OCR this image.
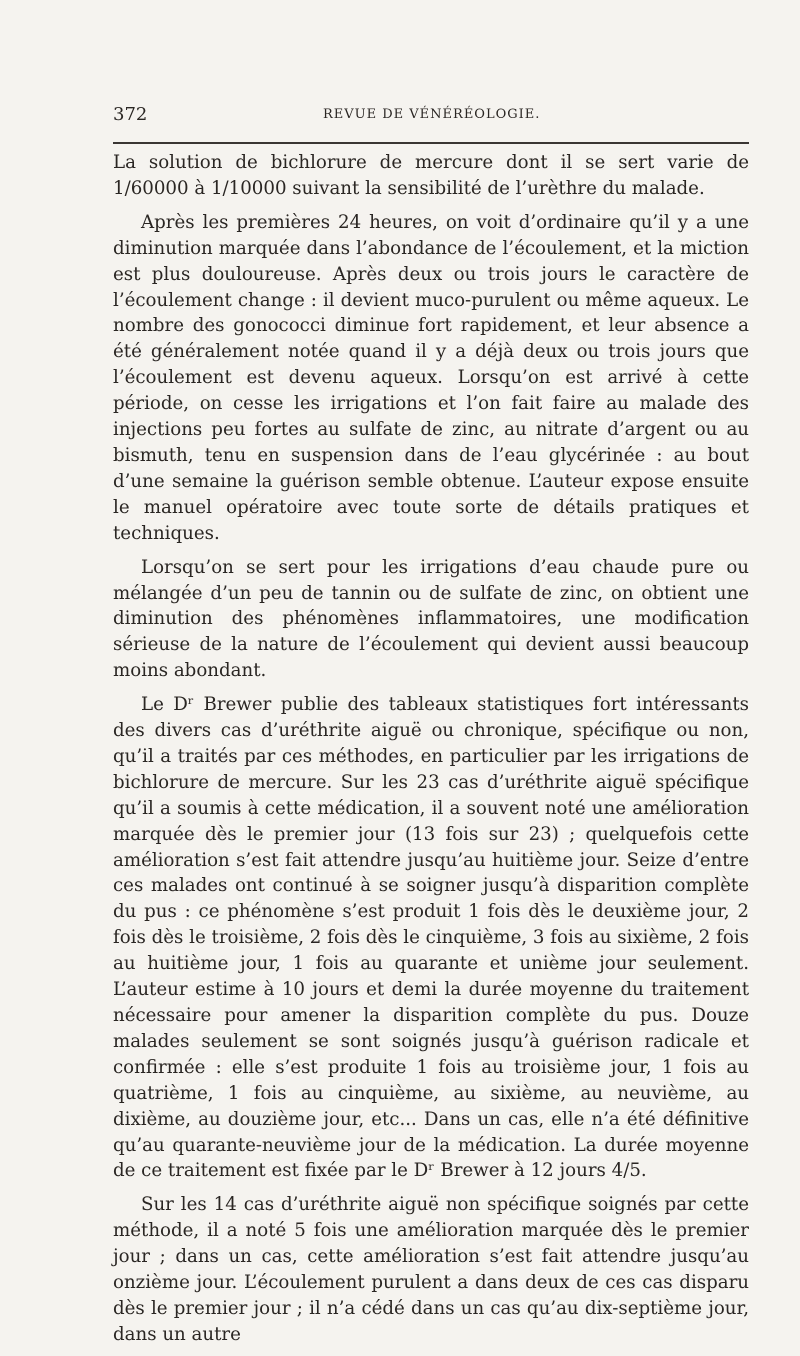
372	REVUE DE VÉNÉRÉOLOGIE.

La solution de bichlorure de mercure dont il se sert varie de 1/60000 à 1/10000 suivant la sensibilité de l’urèthre du malade.

Après les premières 24 heures, on voit d’ordinaire qu’il y a une diminution marquée dans l’abondance de l’écoulement, et la miction est plus douloureuse. Après deux ou trois jours le caractère de l’écoulement change : il devient muco-purulent ou même aqueux. Le nombre des gonococci diminue fort rapidement, et leur absence a été généralement notée quand il y a déjà deux ou trois jours que l’écoulement est devenu aqueux. Lorsqu’on est arrivé à cette période, on cesse les irrigations et l’on fait faire au malade des injections peu fortes au sulfate de zinc, au nitrate d’argent ou au bismuth, tenu en suspension dans de l’eau glycérinée : au bout d’une semaine la guérison semble obtenue. L’auteur expose ensuite le manuel opératoire avec toute sorte de détails pratiques et techniques.

Lorsqu’on se sert pour les irrigations d’eau chaude pure ou mélangée d’un peu de tannin ou de sulfate de zinc, on obtient une diminution des phénomènes inflammatoires, une modification sérieuse de la nature de l’écoulement qui devient aussi beaucoup moins abondant.

Le Dʳ Brewer publie des tableaux statistiques fort intéressants des divers cas d’uréthrite aiguë ou chronique, spécifique ou non, qu’il a traités par ces méthodes, en particulier par les irrigations de bichlorure de mercure. Sur les 23 cas d’uréthrite aiguë spécifique qu’il a soumis à cette médication, il a souvent noté une amélioration marquée dès le premier jour (13 fois sur 23) ; quelquefois cette amélioration s’est fait attendre jusqu’au huitième jour. Seize d’entre ces malades ont continué à se soigner jusqu’à disparition complète du pus : ce phénomène s’est produit 1 fois dès le deuxième jour, 2 fois dès le troisième, 2 fois dès le cinquième, 3 fois au sixième, 2 fois au huitième jour, 1 fois au quarante et unième jour seulement. L’auteur estime à 10 jours et demi la durée moyenne du traitement nécessaire pour amener la disparition complète du pus. Douze malades seulement se sont soignés jusqu’à guérison radicale et confirmée : elle s’est produite 1 fois au troisième jour, 1 fois au quatrième, 1 fois au cinquième, au sixième, au neuvième, au dixième, au douzième jour, etc... Dans un cas, elle n’a été définitive qu’au quarante-neuvième jour de la médication. La durée moyenne de ce traitement est fixée par le Dʳ Brewer à 12 jours 4/5.

Sur les 14 cas d’uréthrite aiguë non spécifique soignés par cette méthode, il a noté 5 fois une amélioration marquée dès le premier jour ; dans un cas, cette amélioration s’est fait attendre jusqu’au onzième jour. L’écoulement purulent a dans deux de ces cas disparu dès le premier jour ; il n’a cédé dans un cas qu’au dix-septième jour, dans un autre
